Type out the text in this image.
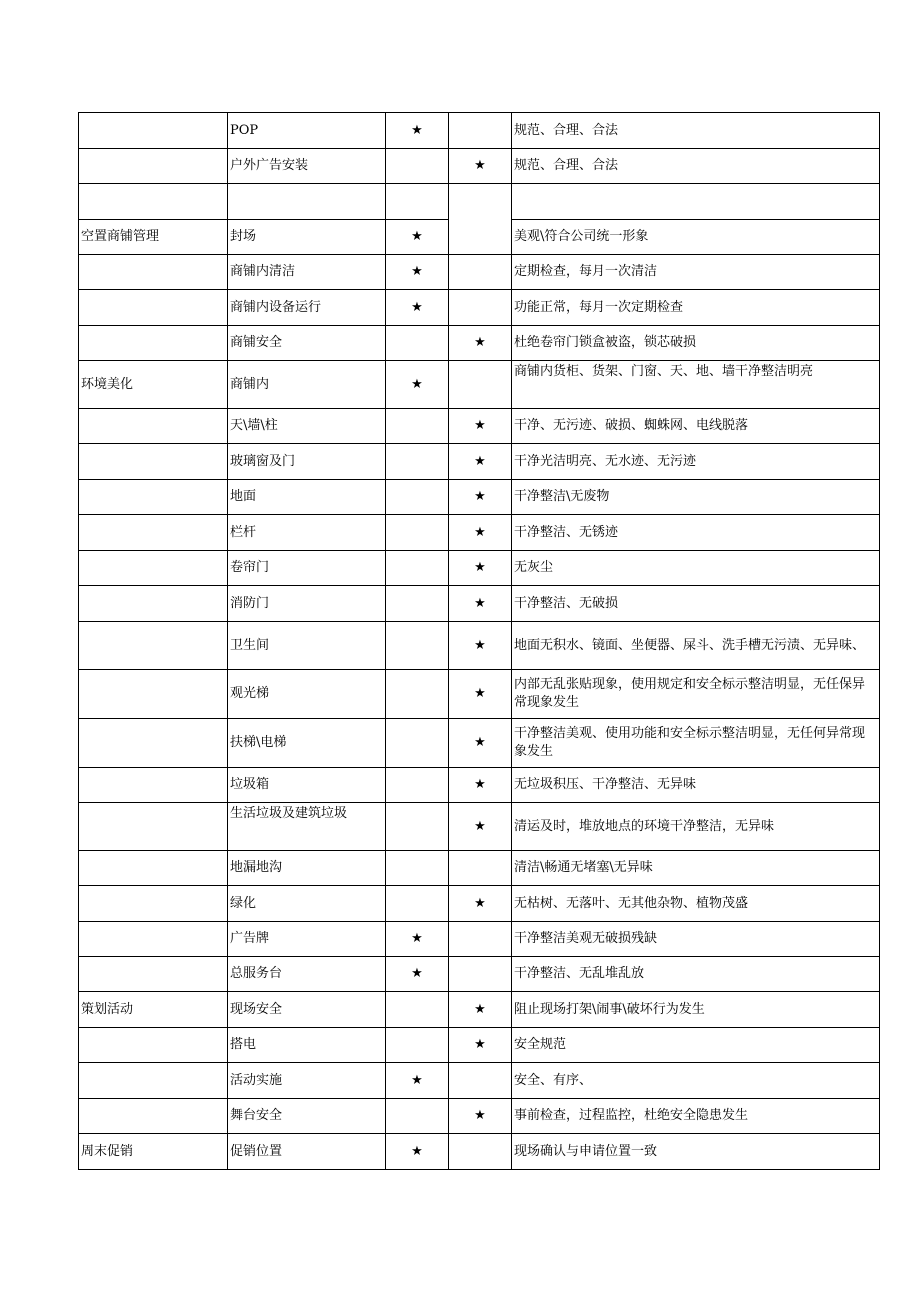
	POP	★		规范、合理、合法
	户外广告安装		★	规范、合理、合法

空置商铺管理	封场	★		美观\符合公司统一形象
	商铺内清洁	★		定期检查，每月一次清洁
	商铺内设备运行	★		功能正常，每月一次定期检查
	商铺安全		★	杜绝卷帘门锁盒被盗，锁芯破损
环境美化	商铺内	★		商铺内货柜、货架、门窗、天、地、墙干净整洁明亮
	天\墙\柱		★	干净、无污迹、破损、蜘蛛网、电线脱落
	玻璃窗及门		★	干净光洁明亮、无水迹、无污迹
	地面		★	干净整洁\无废物
	栏杆		★	干净整洁、无锈迹
	卷帘门		★	无灰尘
	消防门		★	干净整洁、无破损
	卫生间		★	地面无积水、镜面、坐便器、屎斗、洗手槽无污渍、无异味、
	观光梯		★	内部无乱张贴现象，使用规定和安全标示整洁明显，无任保异常现象发生
	扶梯\电梯		★	干净整洁美观、使用功能和安全标示整洁明显，无任何异常现象发生
	垃圾箱		★	无垃圾积压、干净整洁、无异味
	生活垃圾及建筑垃圾		★	清运及时，堆放地点的环境干净整洁，无异味
	地漏地沟			清洁\畅通无堵塞\无异味
	绿化		★	无枯树、无落叶、无其他杂物、植物茂盛
	广告牌	★		干净整洁美观无破损残缺
	总服务台	★		干净整洁、无乱堆乱放
策划活动	现场安全		★	阻止现场打架\闹事\破坏行为发生
	搭电		★	安全规范
	活动实施	★		安全、有序、
	舞台安全		★	事前检查，过程监控，杜绝安全隐患发生
周末促销	促销位置	★		现场确认与申请位置一致
